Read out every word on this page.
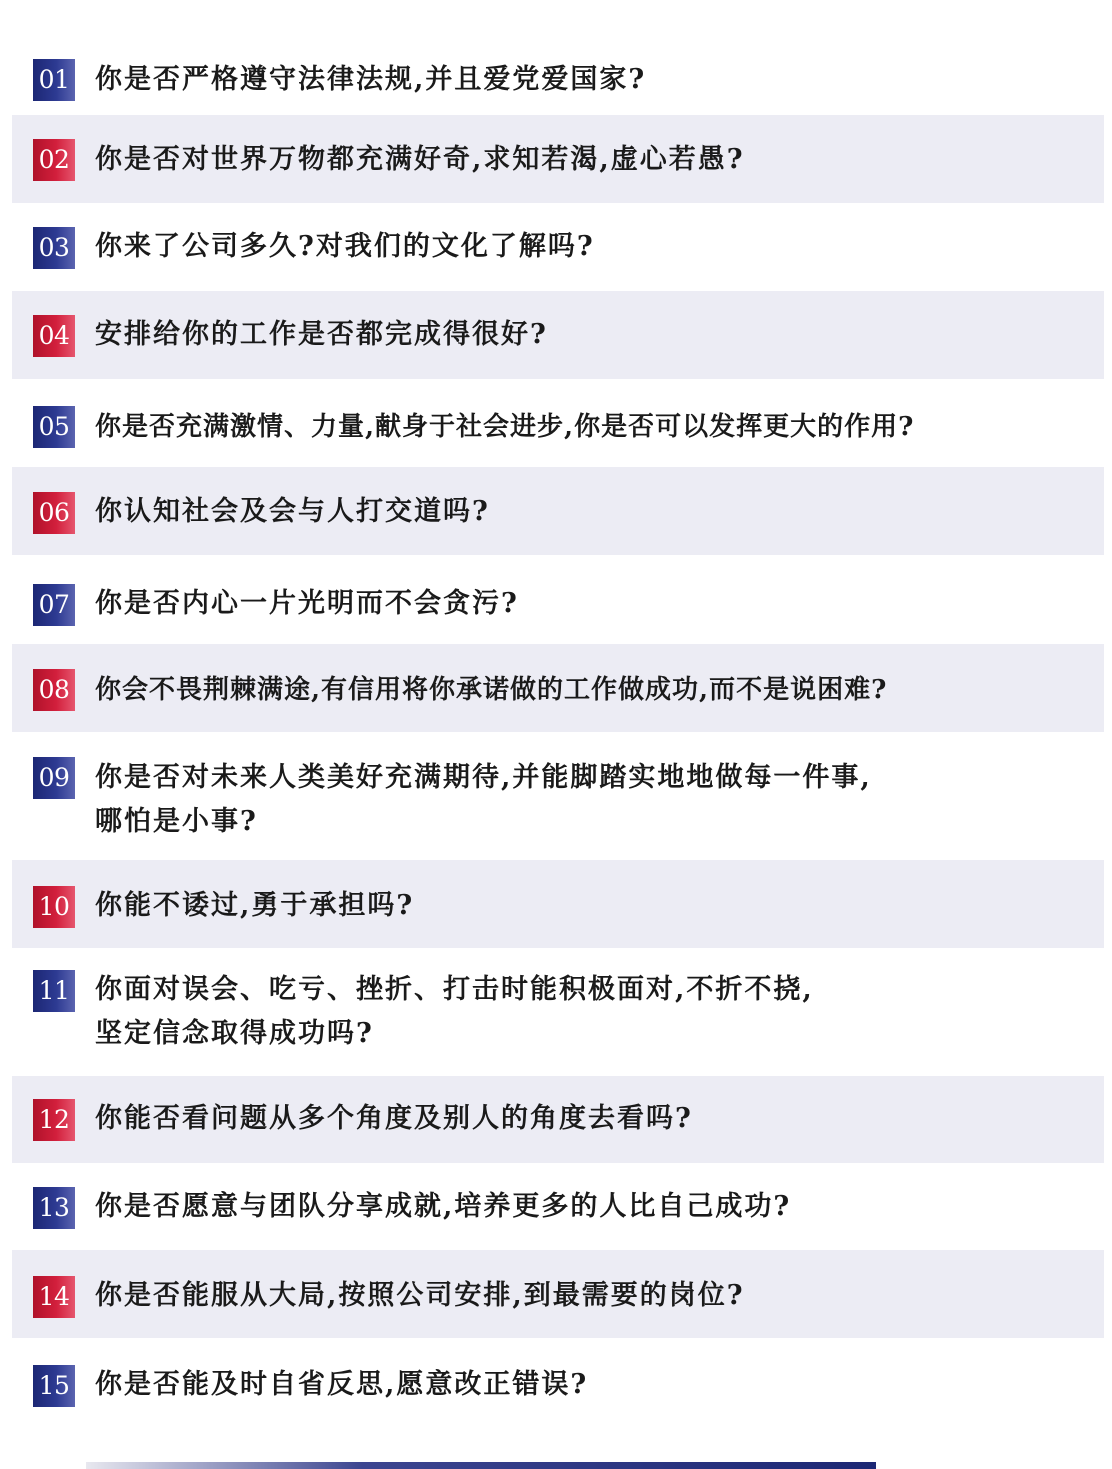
01 你是否严格遵守法律法规,并且爱党爱国家?
02 你是否对世界万物都充满好奇,求知若渴,虚心若愚?
03 你来了公司多久?对我们的文化了解吗?
04 安排给你的工作是否都完成得很好?
05 你是否充满激情、力量,献身于社会进步,你是否可以发挥更大的作用?
06 你认知社会及会与人打交道吗?
07 你是否内心一片光明而不会贪污?
08 你会不畏荆棘满途,有信用将你承诺做的工作做成功,而不是说困难?
09 你是否对未来人类美好充满期待,并能脚踏实地地做每一件事,
哪怕是小事?
10 你能不诿过,勇于承担吗?
11 你面对误会、吃亏、挫折、打击时能积极面对,不折不挠,
坚定信念取得成功吗?
12 你能否看问题从多个角度及别人的角度去看吗?
13 你是否愿意与团队分享成就,培养更多的人比自己成功?
14 你是否能服从大局,按照公司安排,到最需要的岗位?
15 你是否能及时自省反思,愿意改正错误?
